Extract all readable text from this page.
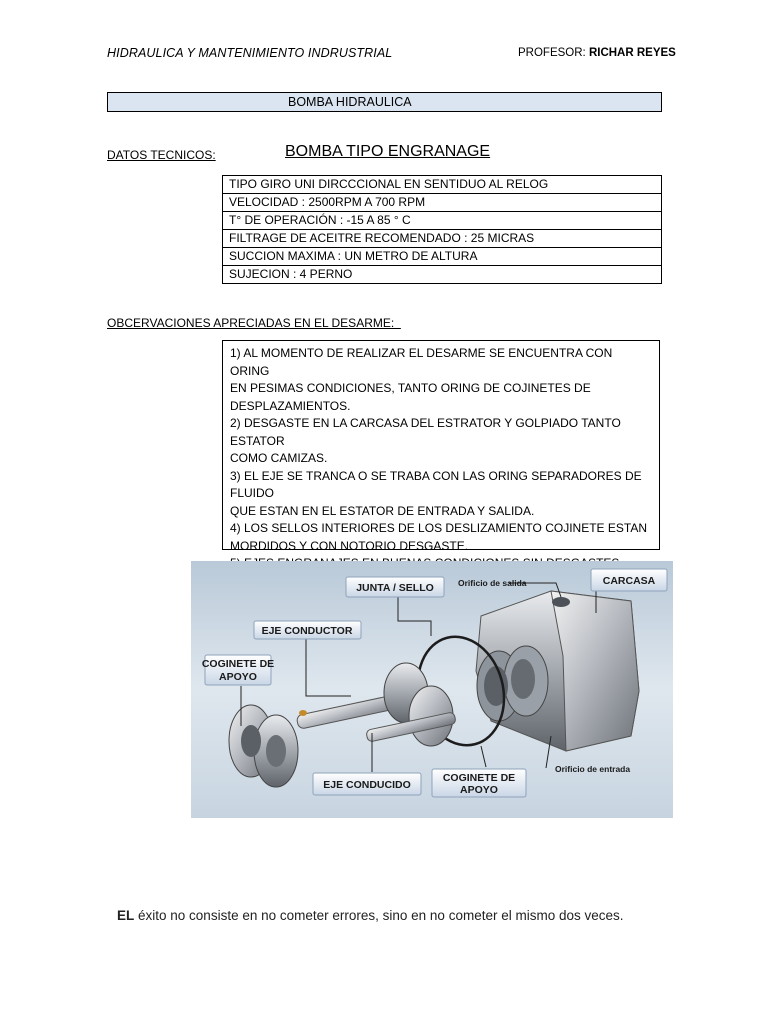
HIDRAULICA Y MANTENIMIENTO INDRUSTRIAL	PROFESOR: RICHAR REYES
BOMBA HIDRAULICA
DATOS TECNICOS:	BOMBA TIPO ENGRANAGE
TIPO GIRO UNI DIRCCCIONAL EN SENTIDUO AL RELOG
VELOCIDAD : 2500RPM A 700 RPM
T° DE OPERACIÓN : -15 A 85 ° C
FILTRAGE DE ACEITRE RECOMENDADO : 25 MICRAS
SUCCION MAXIMA : UN METRO DE ALTURA
SUJECION : 4 PERNO
OBCERVACIONES APRECIADAS EN EL DESARME:
1) AL MOMENTO DE REALIZAR EL DESARME SE ENCUENTRA CON ORING
EN PESIMAS CONDICIONES, TANTO ORING DE COJINETES DE
DESPLAZAMIENTOS.
2) DESGASTE EN LA CARCASA DEL ESTRATOR Y GOLPIADO TANTO ESTATOR
COMO CAMIZAS.
3) EL EJE SE TRANCA O SE TRABA CON LAS ORING SEPARADORES DE FLUIDO
QUE ESTAN EN EL ESTATOR DE ENTRADA Y SALIDA.
4) LOS SELLOS INTERIORES DE LOS DESLIZAMIENTO COJINETE ESTAN
MORDIDOS Y CON NOTORIO DESGASTE.
JUNTA / SELLO	Orificio de salida	CARCASA
EJE CONDUCTOR
COGINETE DE
APOYO
EJE CONDUCIDO
COGINETE DE
APOYO
Orificio de entrada
EL éxito no consiste en no cometer errores, sino en no cometer el mismo dos veces.
